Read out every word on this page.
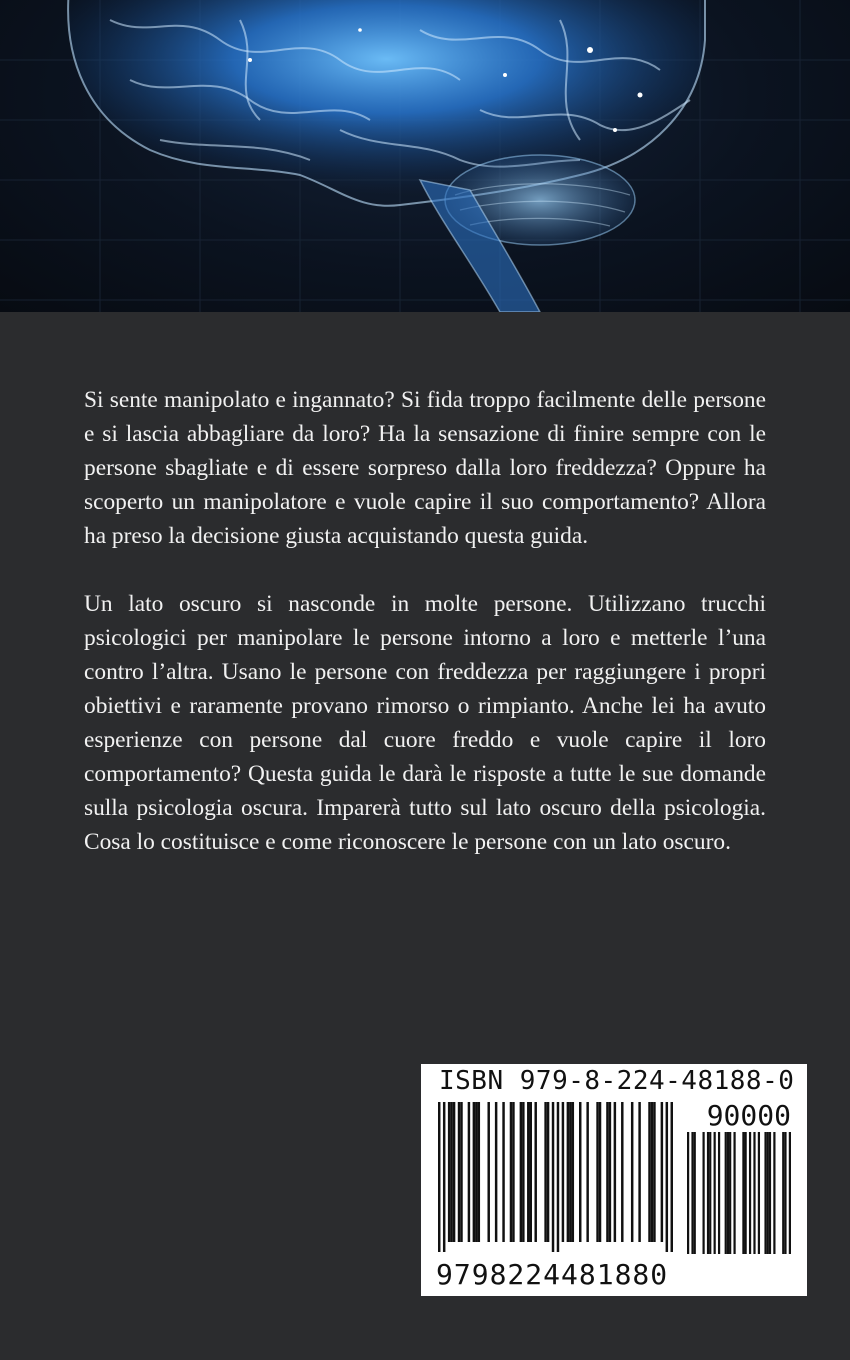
Si sente manipolato e ingannato? Si fida troppo facilmente delle persone e si lascia abbagliare da loro? Ha la sensazione di finire sempre con le persone sbagliate e di essere sorpreso dalla loro freddezza? Oppure ha scoperto un manipolatore e vuole capire il suo comportamento? Allora ha preso la decisione giusta acquistando questa guida.

Un lato oscuro si nasconde in molte persone. Utilizzano trucchi psicologici per manipolare le persone intorno a loro e metterle l’una contro l’altra. Usano le persone con freddezza per raggiungere i propri obiettivi e raramente provano rimorso o rimpianto. Anche lei ha avuto esperienze con persone dal cuore freddo e vuole capire il loro comportamento? Questa guida le darà le risposte a tutte le sue domande sulla psicologia oscura. Imparerà tutto sul lato oscuro della psicologia. Cosa lo costituisce e come riconoscere le persone con un lato oscuro.

ISBN 979-8-224-48188-0
90000
9798224481880
